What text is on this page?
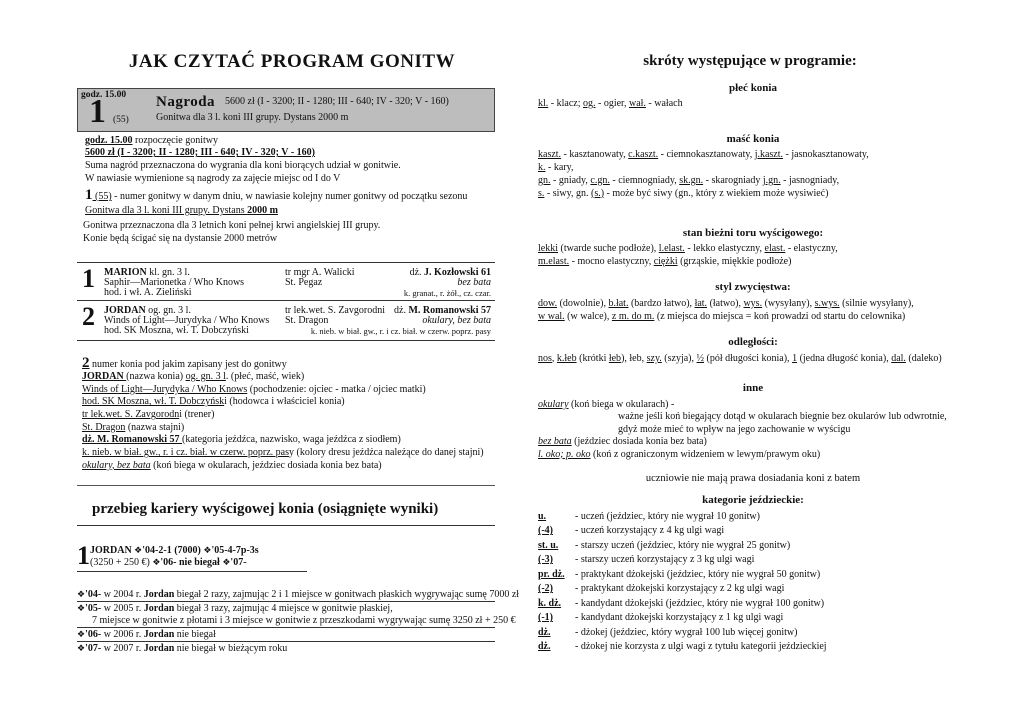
JAK CZYTAĆ PROGRAM GONITW
godz. 15.00
1 (55)
Nagroda 5600 zł (I - 3200; II - 1280; III - 640; IV - 320; V - 160)
Gonitwa dla 3 l. koni III grupy. Dystans 2000 m
godz. 15.00 rozpoczęcie gonitwy
5600 zł (I - 3200; II - 1280; III - 640; IV - 320; V - 160)
Suma nagród przeznaczona do wygrania dla koni biorących udział w gonitwie.
W nawiasie wymienione są nagrody za zajęcie miejsc od I do V
1 (55) - numer gonitwy w danym dniu, w nawiasie kolejny numer gonitwy od początku sezonu
Gonitwa dla 3 l. koni III grupy. Dystans 2000 m
Gonitwa przeznaczona dla 3 letnich koni pełnej krwi angielskiej III grupy.
Konie będą ścigać się na dystansie 2000 metrów
1 MARION kl. gn. 3 l.
Saphir—Marionetka / Who Knows
hod. i wł. A. Zieliński
tr mgr A. Walicki
St. Pegaz
dż. J. Kozłowski 61
bez bata
k. granat., r. żół., cz. czar.
2 JORDAN og. gn. 3 l.
Winds of Light—Jurydyka / Who Knows
hod. SK Moszna, wł. T. Dobczyński
tr lek.wet. S. Zavgorodni
St. Dragon
dż. M. Romanowski 57
okulary, bez bata
k. nieb. w biał. gw., r. i cz. biał. w czerw. poprz. pasy
2 numer konia pod jakim zapisany jest do gonitwy
JORDAN (nazwa konia) og. gn. 3 l. (płeć, maść, wiek)
Winds of Light—Jurydyka / Who Knows (pochodzenie: ojciec - matka / ojciec matki)
hod. SK Moszna, wł. T. Dobczyński (hodowca i właściciel konia)
tr lek.wet. S. Zavgorodni (trener)
St. Dragon (nazwa stajni)
dż. M. Romanowski 57 (kategoria jeźdźca, nazwisko, waga jeźdźca z siodłem)
k. nieb. w biał. gw., r. i cz. biał. w czerw. poprz. pasy (kolory dresu jeźdźca należące do danej stajni)
okulary, bez bata (koń biega w okularach, jeździec dosiada konia bez bata)
przebieg kariery wyścigowej konia (osiągnięte wyniki)
1 JORDAN ❖'04-2-1 (7000) ❖'05-4-7p-3s
(3250 + 250 €) ❖'06- nie biegał ❖'07-
❖'04- w 2004 r. Jordan biegał 2 razy, zajmując 2 i 1 miejsce w gonitwach płaskich wygrywając sumę 7000 zł
❖'05- w 2005 r. Jordan biegał 3 razy, zajmując 4 miejsce w gonitwie płaskiej,
7 miejsce w gonitwie z płotami i 3 miejsce w gonitwie z przeszkodami wygrywając sumę 3250 zł + 250 €
❖'06- w 2006 r. Jordan nie biegał
❖'07- w 2007 r. Jordan nie biegał w bieżącym roku
skróty występujące w programie:
płeć konia
kl. - klacz; og. - ogier, wał. - wałach
maść konia
kaszt. - kasztanowaty, c.kaszt. - ciemnokasztanowaty, j.kaszt. - jasnokasztanowaty,
k. - kary,
gn. - gniady, c.gn. - ciemnogniady, sk.gn. - skarogniady j.gn. - jasnogniady,
s. - siwy, gn. (s.) - może być siwy (gn., który z wiekiem może wysiwieć)
stan bieżni toru wyścigowego:
lekki (twarde suche podłoże), l.elast. - lekko elastyczny, elast. - elastyczny,
m.elast. - mocno elastyczny, ciężki (grząskie, miękkie podłoże)
styl zwycięstwa:
dow. (dowolnie), b.łat. (bardzo łatwo), łat. (łatwo), wys. (wysyłany), s.wys. (silnie wysyłany),
w wal. (w walce), z m. do m. (z miejsca do miejsca = koń prowadzi od startu do celownika)
odległości:
nos, k.łeb (krótki łeb), łeb, szy. (szyja), ½ (pół długości konia), 1 (jedna długość konia), dal. (daleko)
inne
okulary (koń biega w okularach) -
ważne jeśli koń biegający dotąd w okularach biegnie bez okularów lub odwrotnie,
gdyż może mieć to wpływ na jego zachowanie w wyścigu
bez bata (jeździec dosiada konia bez bata)
l. oko; p. oko (koń z ograniczonym widzeniem w lewym/prawym oku)
uczniowie nie mają prawa dosiadania koni z batem
kategorie jeździeckie:
u.	- uczeń (jeździec, który nie wygrał 10 gonitw)
(-4) - uczeń korzystający z 4 kg ulgi wagi
st. u. - starszy uczeń (jeździec, który nie wygrał 25 gonitw)
(-3) - starszy uczeń korzystający z 3 kg ulgi wagi
pr. dż. - praktykant dżokejski (jeździec, który nie wygrał 50 gonitw)
(-2) - praktykant dżokejski korzystający z 2 kg ulgi wagi
k. dż. - kandydant dżokejski (jeździec, który nie wygrał 100 gonitw)
(-1) - kandydant dżokejski korzystający z 1 kg ulgi wagi
dż. - dżokej (jeździec, który wygrał 100 lub więcej gonitw)
dż. - dżokej nie korzysta z ulgi wagi z tytułu kategorii jeździeckiej
